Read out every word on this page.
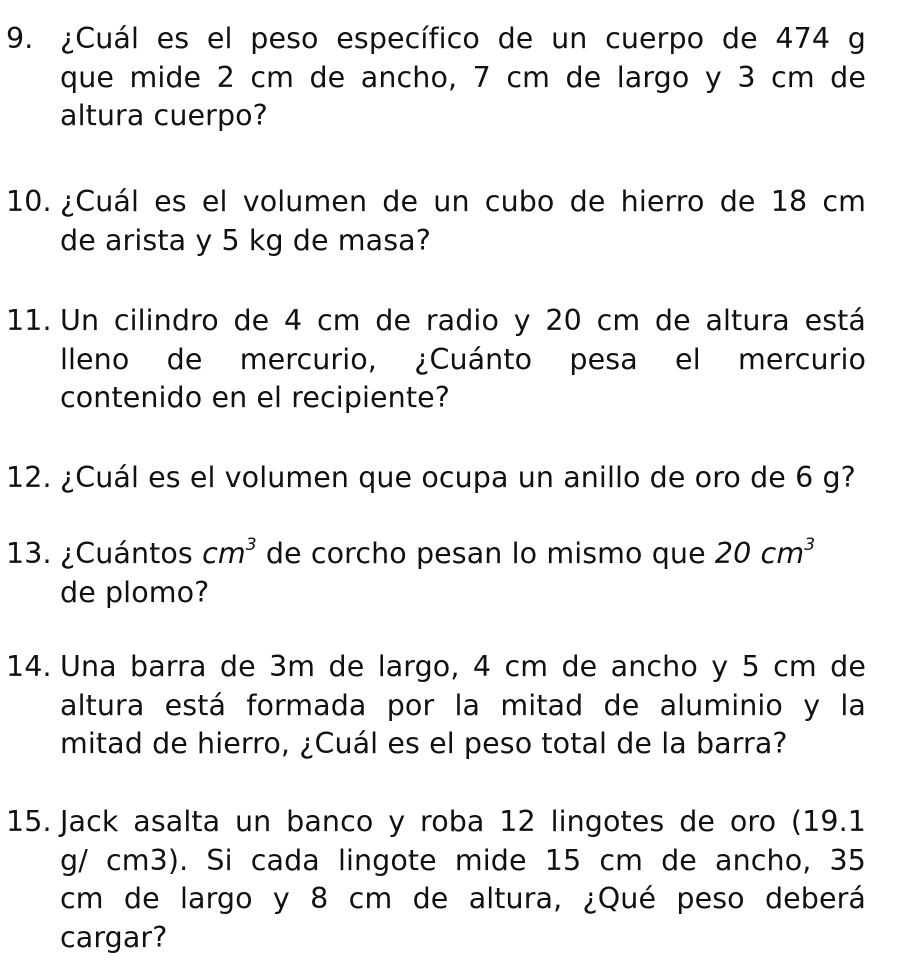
9. ¿Cuál es el peso específico de un cuerpo de 474 g
que mide 2 cm de ancho, 7 cm de largo y 3 cm de
altura cuerpo?
10. ¿Cuál es el volumen de un cubo de hierro de 18 cm
de arista y 5 kg de masa?
11. Un cilindro de 4 cm de radio y 20 cm de altura está
lleno de mercurio, ¿Cuánto pesa el mercurio
contenido en el recipiente?
12. ¿Cuál es el volumen que ocupa un anillo de oro de 6 g?
13. ¿Cuántos $cm^3$ de corcho pesan lo mismo que 20 $cm^3$
de plomo?
14. Una barra de 3m de largo, 4 cm de ancho y 5 cm de
altura está formada por la mitad de aluminio y la
mitad de hierro, ¿Cuál es el peso total de la barra?
15. Jack asalta un banco y roba 12 lingotes de oro (19.1
g/ cm3). Si cada lingote mide 15 cm de ancho, 35
cm de largo y 8 cm de altura, ¿Qué peso deberá
cargar?
